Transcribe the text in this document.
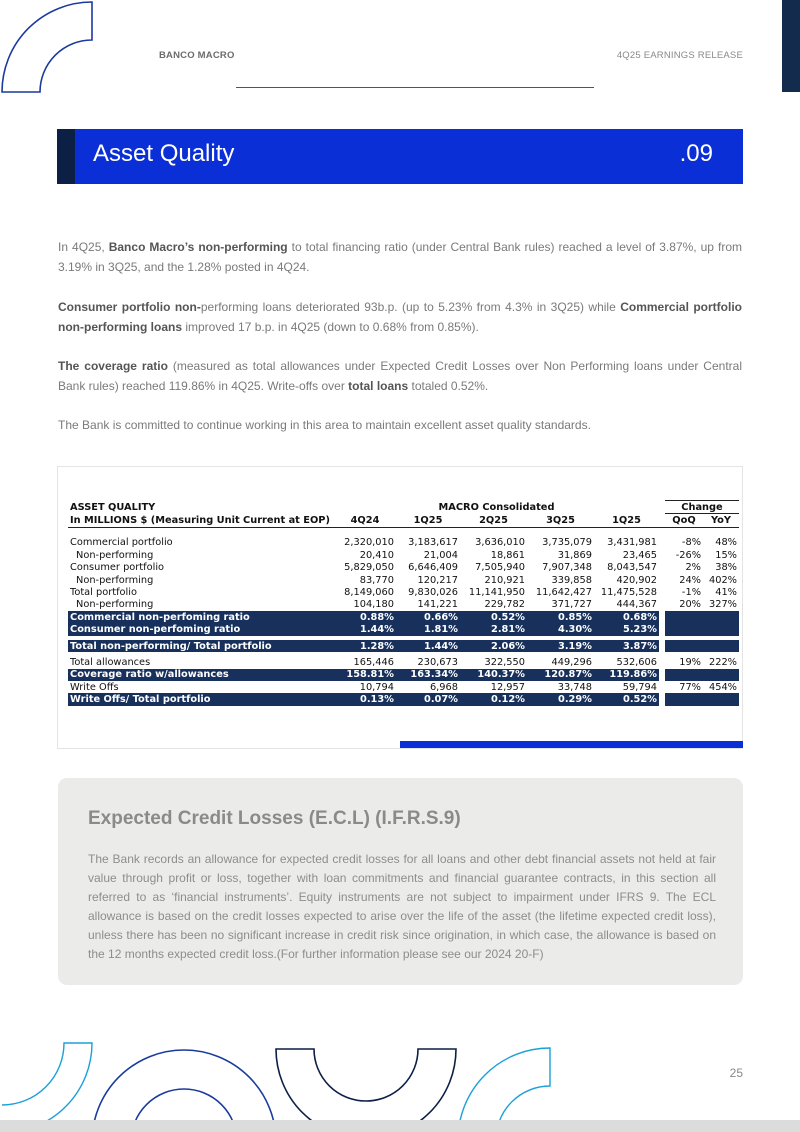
BANCO MACRO	4Q25 EARNINGS RELEASE
Asset Quality	.09
In 4Q25, Banco Macro’s non-performing to total financing ratio (under Central Bank rules) reached a level of 3.87%, up from 3.19% in 3Q25, and the 1.28% posted in 4Q24.
Consumer portfolio non-performing loans deteriorated 93b.p. (up to 5.23% from 4.3% in 3Q25) while Commercial portfolio non-performing loans improved 17 b.p. in 4Q25 (down to 0.68% from 0.85%).
The coverage ratio (measured as total allowances under Expected Credit Losses over Non Performing loans under Central Bank rules) reached 119.86% in 4Q25. Write-offs over total loans totaled 0.52%.
The Bank is committed to continue working in this area to maintain excellent asset quality standards.
ASSET QUALITY	MACRO Consolidated						Change	
In MILLIONS $ (Measuring Unit Current at EOP)	4Q24	1Q25	2Q25	3Q25	1Q25		QoQ	YoY

Commercial portfolio	2,320,010	3,183,617	3,636,010	3,735,079	3,431,981		-8%	48%
Non-performing	20,410	21,004	18,861	31,869	23,465		-26%	15%
Consumer portfolio	5,829,050	6,646,409	7,505,940	7,907,348	8,043,547		2%	38%
Non-performing	83,770	120,217	210,921	339,858	420,902		24%	402%
Total portfolio	8,149,060	9,830,026	11,141,950	11,642,427	11,475,528		-1%	41%
Non-performing	104,180	141,221	229,782	371,727	444,367		20%	327%
Commercial non-perfoming ratio	0.88%	0.66%	0.52%	0.85%	0.68%			
Consumer non-perfoming ratio	1.44%	1.81%	2.81%	4.30%	5.23%			

Total non-performing/ Total portfolio	1.28%	1.44%	2.06%	3.19%	3.87%			

Total allowances	165,446	230,673	322,550	449,296	532,606		19%	222%
Coverage ratio w/allowances	158.81%	163.34%	140.37%	120.87%	119.86%			
Write Offs	10,794	6,968	12,957	33,748	59,794		77%	454%
Write Offs/ Total portfolio	0.13%	0.07%	0.12%	0.29%	0.52%			
Expected Credit Losses (E.C.L) (I.F.R.S.9)
The Bank records an allowance for expected credit losses for all loans and other debt financial assets not held at fair value through profit or loss, together with loan commitments and financial guarantee contracts, in this section all referred to as ‘financial instruments’. Equity instruments are not subject to impairment under IFRS 9. The ECL allowance is based on the credit losses expected to arise over the life of the asset (the lifetime expected credit loss), unless there has been no significant increase in credit risk since origination, in which case, the allowance is based on the 12 months expected credit loss.(For further information please see our 2024 20-F)
25
